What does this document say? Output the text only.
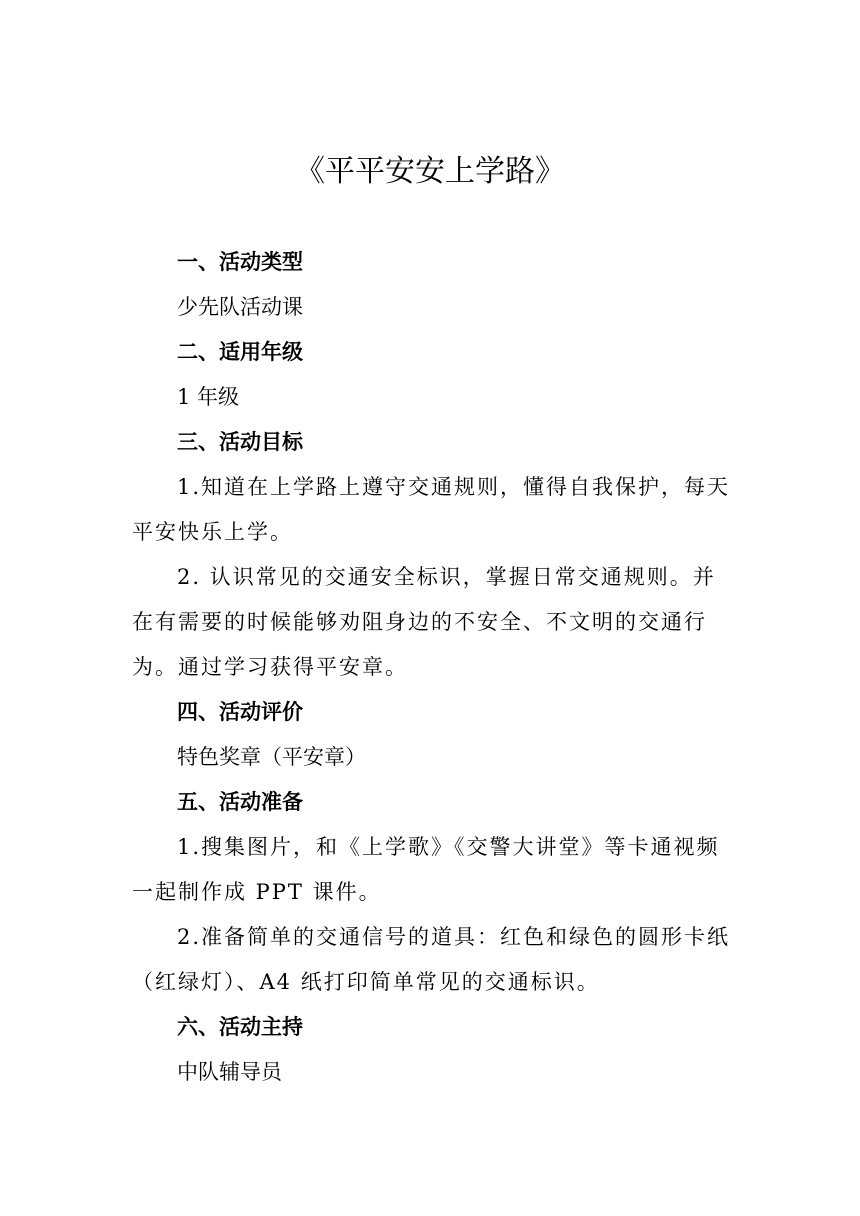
《平平安安上学路》
一、活动类型
少先队活动课
二、适用年级
1 年级
三、活动目标
1.知道在上学路上遵守交通规则，懂得自我保护，每天平安快乐上学。
2. 认识常见的交通安全标识，掌握日常交通规则。并在有需要的时候能够劝阻身边的不安全、不文明的交通行为。通过学习获得平安章。
四、活动评价
特色奖章（平安章）
五、活动准备
1.搜集图片，和《上学歌》《交警大讲堂》等卡通视频一起制作成 PPT 课件。
2.准备简单的交通信号的道具：红色和绿色的圆形卡纸（红绿灯）、A4 纸打印简单常见的交通标识。
六、活动主持
中队辅导员
